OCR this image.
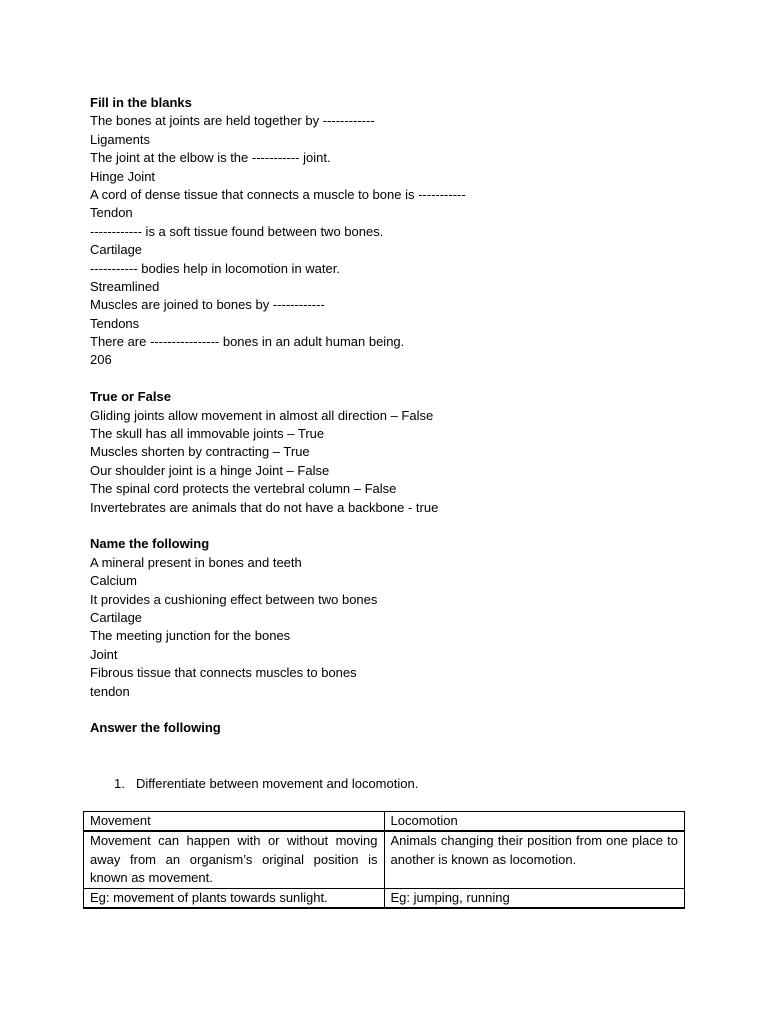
Fill in the blanks
The bones at joints are held together by ------------
Ligaments
The joint at the elbow is the ----------- joint.
Hinge Joint
A cord of dense tissue that connects a muscle to bone is -----------
Tendon
------------ is a soft tissue found between two bones.
Cartilage
----------- bodies help in locomotion in water.
Streamlined
Muscles are joined to bones by ------------
Tendons
There are ---------------- bones in an adult human being.
206
True or False
Gliding joints allow movement in almost all direction – False
The skull has all immovable joints – True
Muscles shorten by contracting – True
Our shoulder joint is a hinge Joint – False
The spinal cord protects the vertebral column – False
Invertebrates are animals that do not have a backbone - true
Name the following
A mineral present in bones and teeth
Calcium
It provides a cushioning effect between two bones
Cartilage
The meeting junction for the bones
Joint
Fibrous tissue that connects muscles to bones
tendon
Answer the following
1. Differentiate between movement and locomotion.
Movement	Locomotion
Movement can happen with or without moving away from an organism’s original position is known as movement.	Animals changing their position from one place to another is known as locomotion.
Eg: movement of plants towards sunlight.	Eg: jumping, running
